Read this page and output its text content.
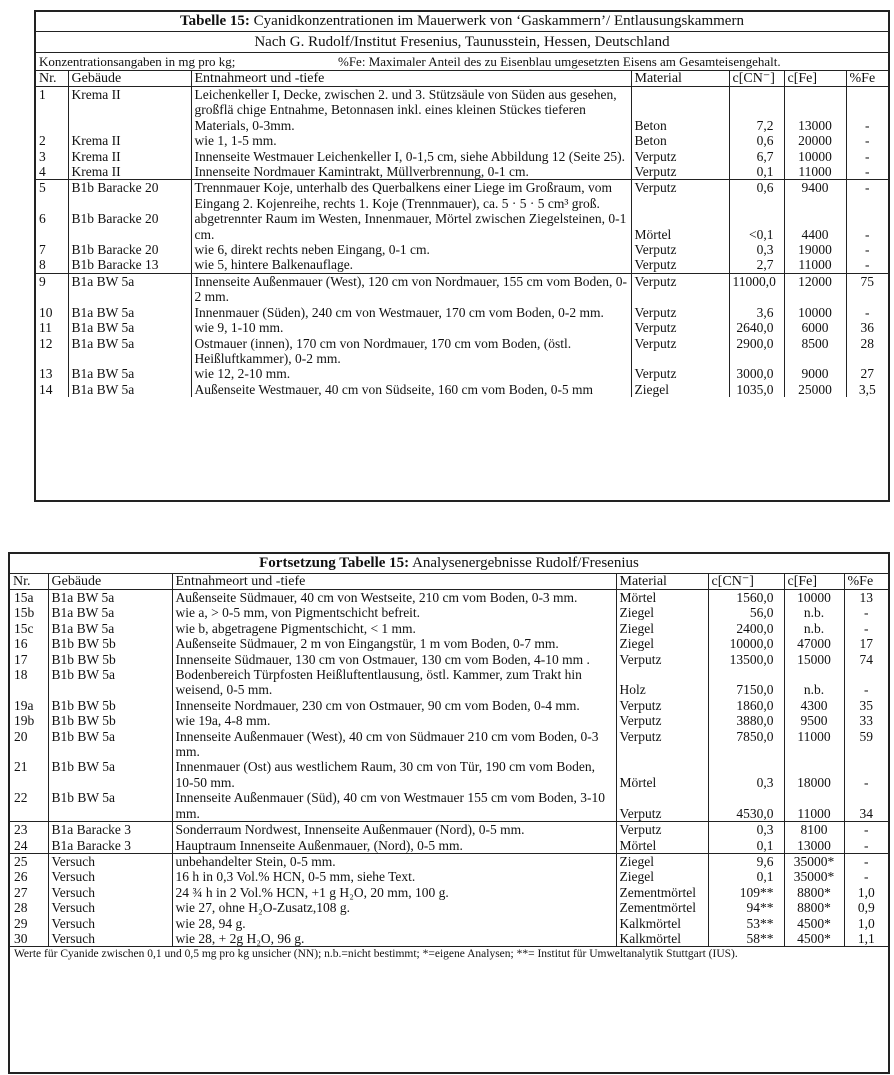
Tabelle 15: Cyanidkonzentrationen im Mauerwerk von ‘Gaskammern’/ Entlausungskammern
Nach G. Rudolf/Institut Fresenius, Taunusstein, Hessen, Deutschland
Konzentrationsangaben in mg pro kg;	%Fe: Maximaler Anteil des zu Eisenblau umgesetzten Eisens am Gesamteisengehalt.
Nr.	Gebäude	Entnahmeort und -tiefe	Material	c[CN⁻]	c[Fe]	%Fe
1	Krema II	Leichenkeller I, Decke, zwischen 2. und 3. Stützsäule von Süden aus gesehen, großflä chige Entnahme, Betonnasen inkl. eines kleinen Stückes tieferen Materials, 0-3mm.	Beton	7,2	13000	-
2	Krema II	wie 1, 1-5 mm.	Beton	0,6	20000	-
3	Krema II	Innenseite Westmauer Leichenkeller I, 0-1,5 cm, siehe Abbildung 12 (Seite 25).	Verputz	6,7	10000	-
4	Krema II	Innenseite Nordmauer Kamintrakt, Müllverbrennung, 0-1 cm.	Verputz	0,1	11000	-
5	B1b Baracke 20	Trennmauer Koje, unterhalb des Querbalkens einer Liege im Großraum, vom Eingang 2. Kojenreihe, rechts 1. Koje (Trennmauer), ca. 5 · 5 · 5 cm³ groß.	Verputz	0,6	9400	-
6	B1b Baracke 20	abgetrennter Raum im Westen, Innenmauer, Mörtel zwischen Ziegelsteinen, 0-1 cm.	Mörtel	<0,1	4400	-
7	B1b Baracke 20	wie 6, direkt rechts neben Eingang, 0-1 cm.	Verputz	0,3	19000	-
8	B1b Baracke 13	wie 5, hintere Balkenauflage.	Verputz	2,7	11000	-
9	B1a BW 5a	Innenseite Außenmauer (West), 120 cm von Nordmauer, 155 cm vom Boden, 0-2 mm.	Verputz	11000,0	12000	75
10	B1a BW 5a	Innenmauer (Süden), 240 cm von Westmauer, 170 cm vom Boden, 0-2 mm.	Verputz	3,6	10000	-
11	B1a BW 5a	wie 9, 1-10 mm.	Verputz	2640,0	6000	36
12	B1a BW 5a	Ostmauer (innen), 170 cm von Nordmauer, 170 cm vom Boden, (östl. Heißluftkammer), 0-2 mm.	Verputz	2900,0	8500	28
13	B1a BW 5a	wie 12, 2-10 mm.	Verputz	3000,0	9000	27
14	B1a BW 5a	Außenseite Westmauer, 40 cm von Südseite, 160 cm vom Boden, 0-5 mm	Ziegel	1035,0	25000	3,5
Fortsetzung Tabelle 15: Analysenergebnisse Rudolf/Fresenius
Nr.	Gebäude	Entnahmeort und -tiefe	Material	c[CN⁻]	c[Fe]	%Fe
15a	B1a BW 5a	Außenseite Südmauer, 40 cm von Westseite, 210 cm vom Boden, 0-3 mm.	Mörtel	1560,0	10000	13
15b	B1a BW 5a	wie a, > 0-5 mm, von Pigmentschicht befreit.	Ziegel	56,0	n.b.	-
15c	B1a BW 5a	wie b, abgetragene Pigmentschicht, < 1 mm.	Ziegel	2400,0	n.b.	-
16	B1b BW 5b	Außenseite Südmauer, 2 m von Eingangstür, 1 m vom Boden, 0-7 mm.	Ziegel	10000,0	47000	17
17	B1b BW 5b	Innenseite Südmauer, 130 cm von Ostmauer, 130 cm vom Boden, 4-10 mm .	Verputz	13500,0	15000	74
18	B1b BW 5a	Bodenbereich Türpfosten Heißluftentlausung, östl. Kammer, zum Trakt hin weisend, 0-5 mm.	Holz	7150,0	n.b.	-
19a	B1b BW 5b	Innenseite Nordmauer, 230 cm von Ostmauer, 90 cm vom Boden, 0-4 mm.	Verputz	1860,0	4300	35
19b	B1b BW 5b	wie 19a, 4-8 mm.	Verputz	3880,0	9500	33
20	B1b BW 5a	Innenseite Außenmauer (West), 40 cm von Südmauer 210 cm vom Boden, 0-3 mm.	Verputz	7850,0	11000	59
21	B1b BW 5a	Innenmauer (Ost) aus westlichem Raum, 30 cm von Tür, 190 cm vom Boden, 10-50 mm.	Mörtel	0,3	18000	-
22	B1b BW 5a	Innenseite Außenmauer (Süd), 40 cm von Westmauer 155 cm vom Boden, 3-10 mm.	Verputz	4530,0	11000	34
23	B1a Baracke 3	Sonderraum Nordwest, Innenseite Außenmauer (Nord), 0-5 mm.	Verputz	0,3	8100	-
24	B1a Baracke 3	Hauptraum Innenseite Außenmauer, (Nord), 0-5 mm.	Mörtel	0,1	13000	-
25	Versuch	unbehandelter Stein, 0-5 mm.	Ziegel	9,6	35000*	-
26	Versuch	16 h in 0,3 Vol.% HCN, 0-5 mm, siehe Text.	Ziegel	0,1	35000*	-
27	Versuch	24 ¾ h in 2 Vol.% HCN, +1 g H₂O, 20 mm, 100 g.	Zementmörtel	109**	8800*	1,0
28	Versuch	wie 27, ohne H₂O-Zusatz,108 g.	Zementmörtel	94**	8800*	0,9
29	Versuch	wie 28, 94 g.	Kalkmörtel	53**	4500*	1,0
30	Versuch	wie 28, + 2g H₂O, 96 g.	Kalkmörtel	58**	4500*	1,1
Werte für Cyanide zwischen 0,1 und 0,5 mg pro kg unsicher (NN); n.b.=nicht bestimmt; *=eigene Analysen; **= Institut für Umweltanalytik Stuttgart (IUS).
